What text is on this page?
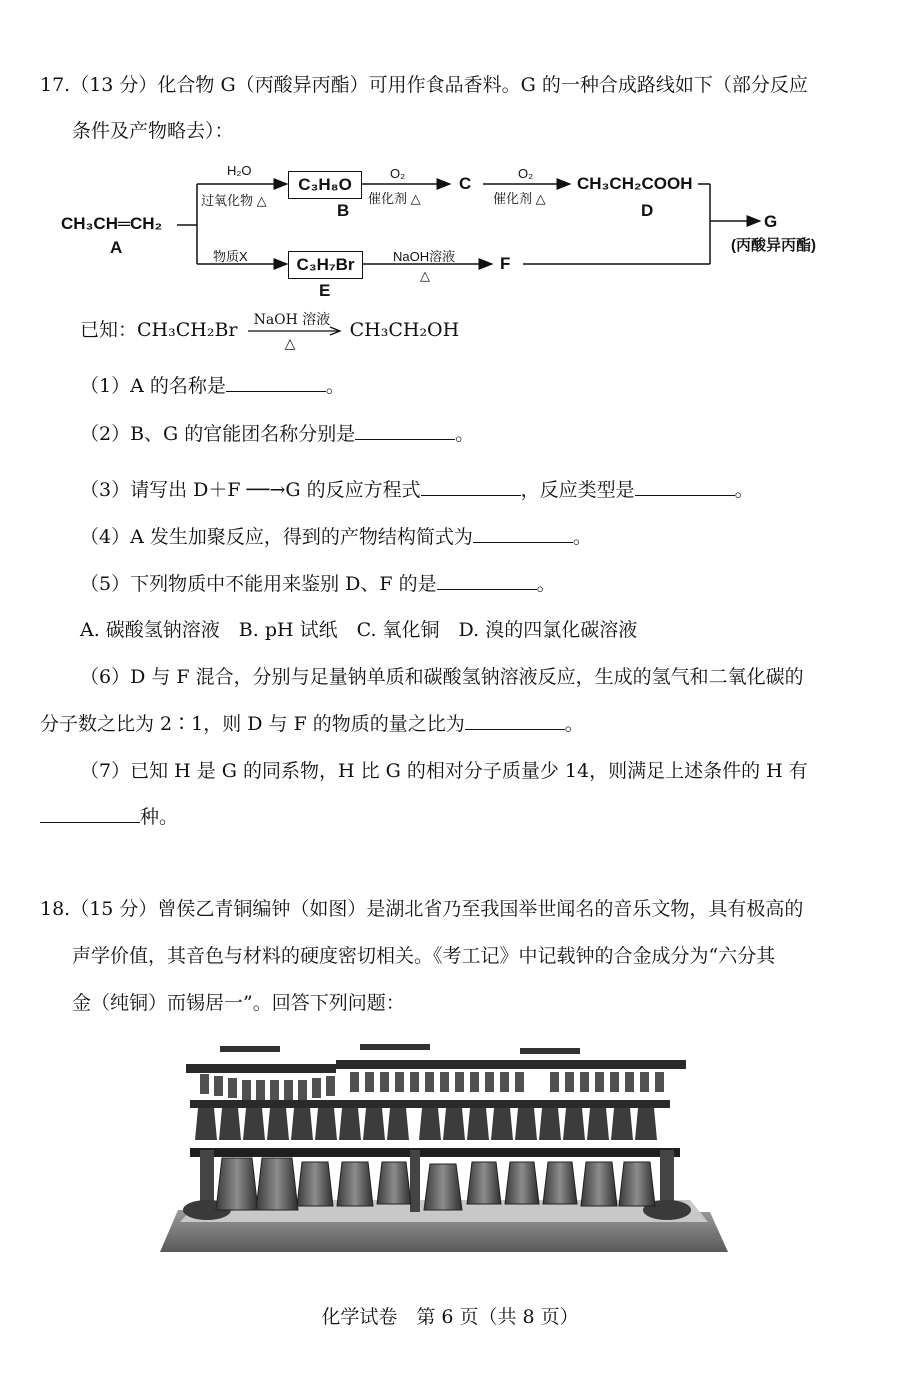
17.（13 分）化合物 G（丙酸异丙酯）可用作食品香料。G 的一种合成路线如下（部分反应
条件及产物略去）：
CH₃CH═CH₂
A
H₂O
过氧化物 △
C₃H₈O
B
O₂
催化剂 △
C
O₂
催化剂 △
CH₃CH₂COOH
D
物质X	C₃H₇Br
E
NaOH溶液
△
F
G
(丙酸异丙酯)
已知：CH₃CH₂Br NaOH 溶液
△
CH₃CH₂OH
（1）A 的名称是	。
（2）B、G 的官能团名称分别是	。
（3）请写出 D＋F ──→G 的反应方程式	，反应类型是	。
（4）A 发生加聚反应，得到的产物结构简式为	。
（5）下列物质中不能用来鉴别 D、F 的是	。
A. 碳酸氢钠溶液　B. pH 试纸　C. 氧化铜　D. 溴的四氯化碳溶液
（6）D 与 F 混合，分别与足量钠单质和碳酸氢钠溶液反应，生成的氢气和二氧化碳的
分子数之比为 2∶1，则 D 与 F 的物质的量之比为	。
（7）已知 H 是 G 的同系物，H 比 G 的相对分子质量少 14，则满足上述条件的 H 有
种。
18.（15 分）曾侯乙青铜编钟（如图）是湖北省乃至我国举世闻名的音乐文物，具有极高的
声学价值，其音色与材料的硬度密切相关。《考工记》中记载钟的合金成分为“六分其
金（纯铜）而锡居一”。回答下列问题：
化学试卷　第 6 页（共 8 页）
